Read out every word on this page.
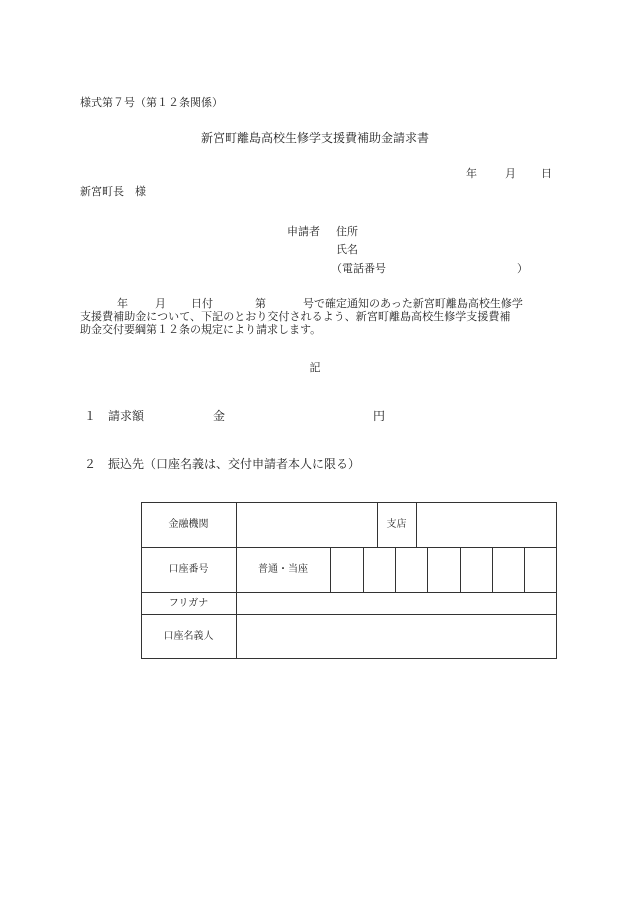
様式第７号（第１２条関係）
新宮町離島高校生修学支援費補助金請求書
年	月 日
新宮町長　様
申請者 住所
氏名
（電話番号	）
年 月 日付	第	号で確定通知のあった新宮町離島高校生修学
支援費補助金について、下記のとおり交付されるよう、新宮町離島高校生修学支援費補
助金交付要綱第１２条の規定により請求します。
記
１ 請求額	金	円
２ 振込先（口座名義は、交付申請者本人に限る）
金融機関	支店
口座番号	普通・当座
フリガナ
口座名義人
